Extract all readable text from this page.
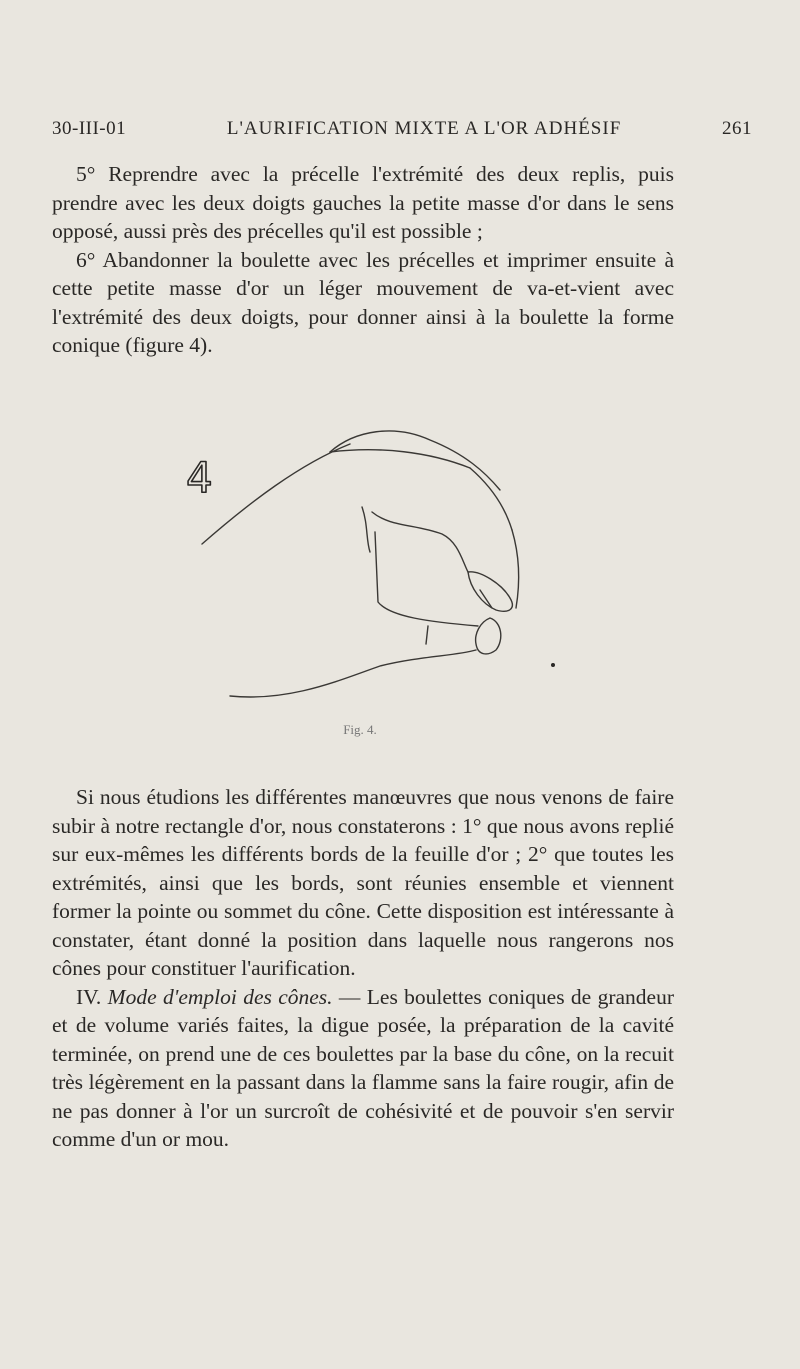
30-III-01	L'AURIFICATION MIXTE A L'OR ADHÉSIF	261

5° Reprendre avec la précelle l'extrémité des deux replis, puis prendre avec les deux doigts gauches la petite masse d'or dans le sens opposé, aussi près des précelles qu'il est possible ;

6° Abandonner la boulette avec les précelles et imprimer ensuite à cette petite masse d'or un léger mouvement de va-et-vient avec l'extrémité des deux doigts, pour donner ainsi à la boulette la forme conique (figure 4).

4
Fig. 4.

Si nous étudions les différentes manœuvres que nous venons de faire subir à notre rectangle d'or, nous constaterons : 1° que nous avons replié sur eux-mêmes les différents bords de la feuille d'or ; 2° que toutes les extrémités, ainsi que les bords, sont réunies ensemble et viennent former la pointe ou sommet du cône. Cette disposition est intéressante à constater, étant donné la position dans laquelle nous rangerons nos cônes pour constituer l'aurification.

IV. Mode d'emploi des cônes. — Les boulettes coniques de grandeur et de volume variés faites, la digue posée, la préparation de la cavité terminée, on prend une de ces boulettes par la base du cône, on la recuit très légèrement en la passant dans la flamme sans la faire rougir, afin de ne pas donner à l'or un surcroît de cohésivité et de pouvoir s'en servir comme d'un or mou.
